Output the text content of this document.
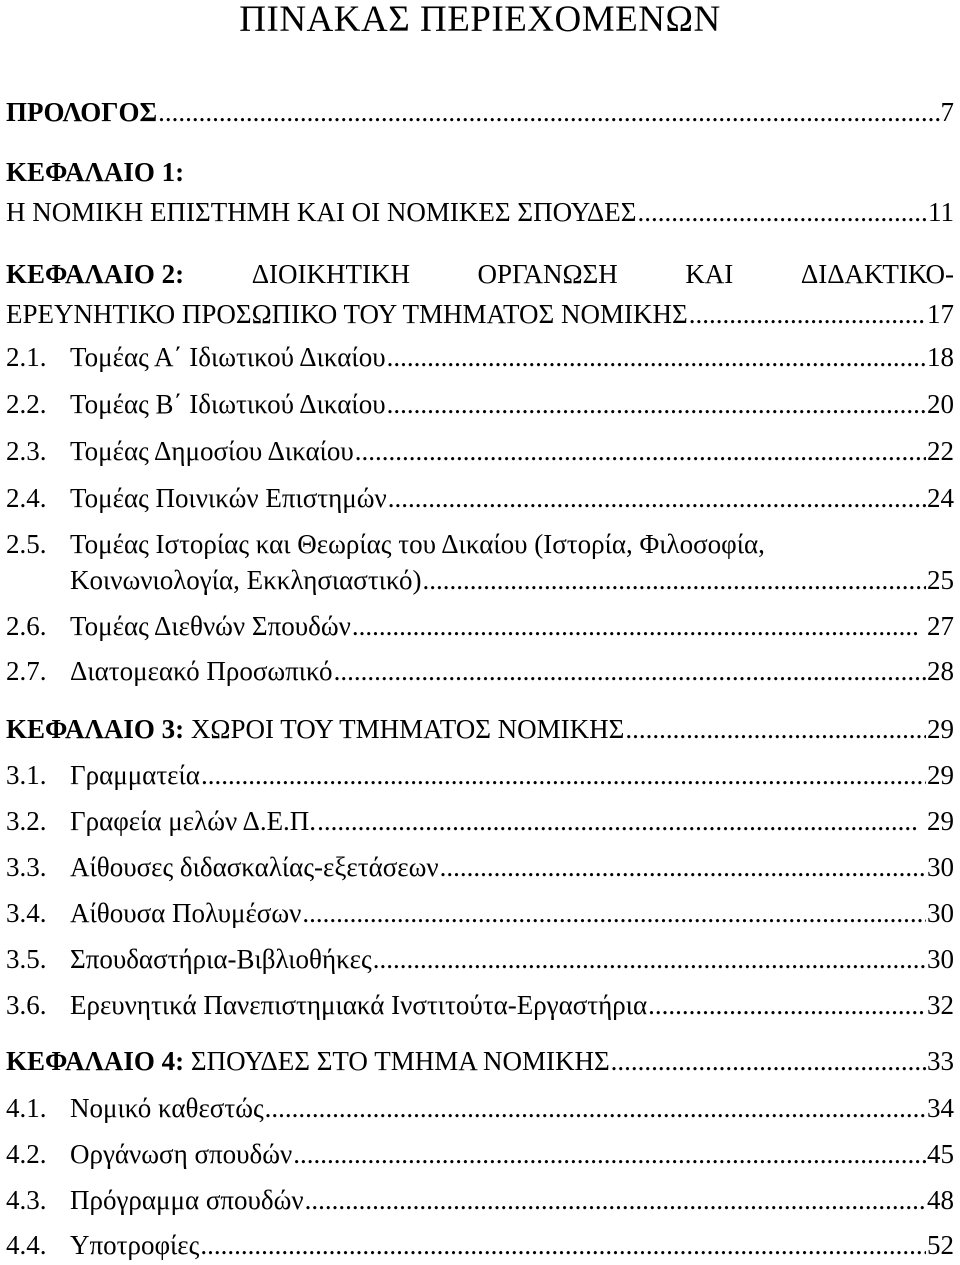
ΠΙΝΑΚΑΣ ΠΕΡΙΕΧΟΜΕΝΩΝ
ΠΡΟΛΟΓΟΣ .....	7
ΚΕΦΑΛΑΙΟ 1:
Η ΝΟΜΙΚΗ ΕΠΙΣΤΗΜΗ ΚΑΙ ΟΙ ΝΟΜΙΚΕΣ ΣΠΟΥΔΕΣ .....	11
ΚΕΦΑΛΑΙΟ 2:	ΔΙΟΙΚΗΤΙΚΗ	ΟΡΓΑΝΩΣΗ	ΚΑΙ	ΔΙΔΑΚΤΙΚΟ-
ΕΡΕΥΝΗΤΙΚΟ ΠΡΟΣΩΠΙΚΟ ΤΟΥ ΤΜΗΜΑΤΟΣ ΝΟΜΙΚΗΣ .....	17
2.1. Τομέας Α΄ Ιδιωτικού Δικαίου .....	18
2.2. Τομέας Β΄ Ιδιωτικού Δικαίου .....	20
2.3. Τομέας Δημοσίου Δικαίου .....	22
2.4. Τομέας Ποινικών Επιστημών .....	24
2.5. Τομέας Ιστορίας και Θεωρίας του Δικαίου (Ιστορία, Φιλοσοφία,
Κοινωνιολογία, Εκκλησιαστικό) .....	25
2.6. Τομέας Διεθνών Σπουδών .....	27
2.7. Διατομεακό Προσωπικό .....	28
ΚΕΦΑΛΑΙΟ 3: ΧΩΡΟΙ ΤΟΥ ΤΜΗΜΑΤΟΣ ΝΟΜΙΚΗΣ .....	29
3.1. Γραμματεία .....	29
3.2. Γραφεία μελών Δ.Ε.Π. .....	29
3.3. Αίθουσες διδασκαλίας-εξετάσεων .....	30
3.4. Αίθουσα Πολυμέσων .....	30
3.5. Σπουδαστήρια-Βιβλιοθήκες .....	30
3.6. Ερευνητικά Πανεπιστημιακά Ινστιτούτα-Εργαστήρια .....	32
ΚΕΦΑΛΑΙΟ 4: ΣΠΟΥΔΕΣ ΣΤΟ ΤΜΗΜΑ ΝΟΜΙΚΗΣ .....	33
4.1. Νομικό καθεστώς .....	34
4.2. Οργάνωση σπουδών .....	45
4.3. Πρόγραμμα σπουδών .....	48
4.4. Υποτροφίες .....	52
